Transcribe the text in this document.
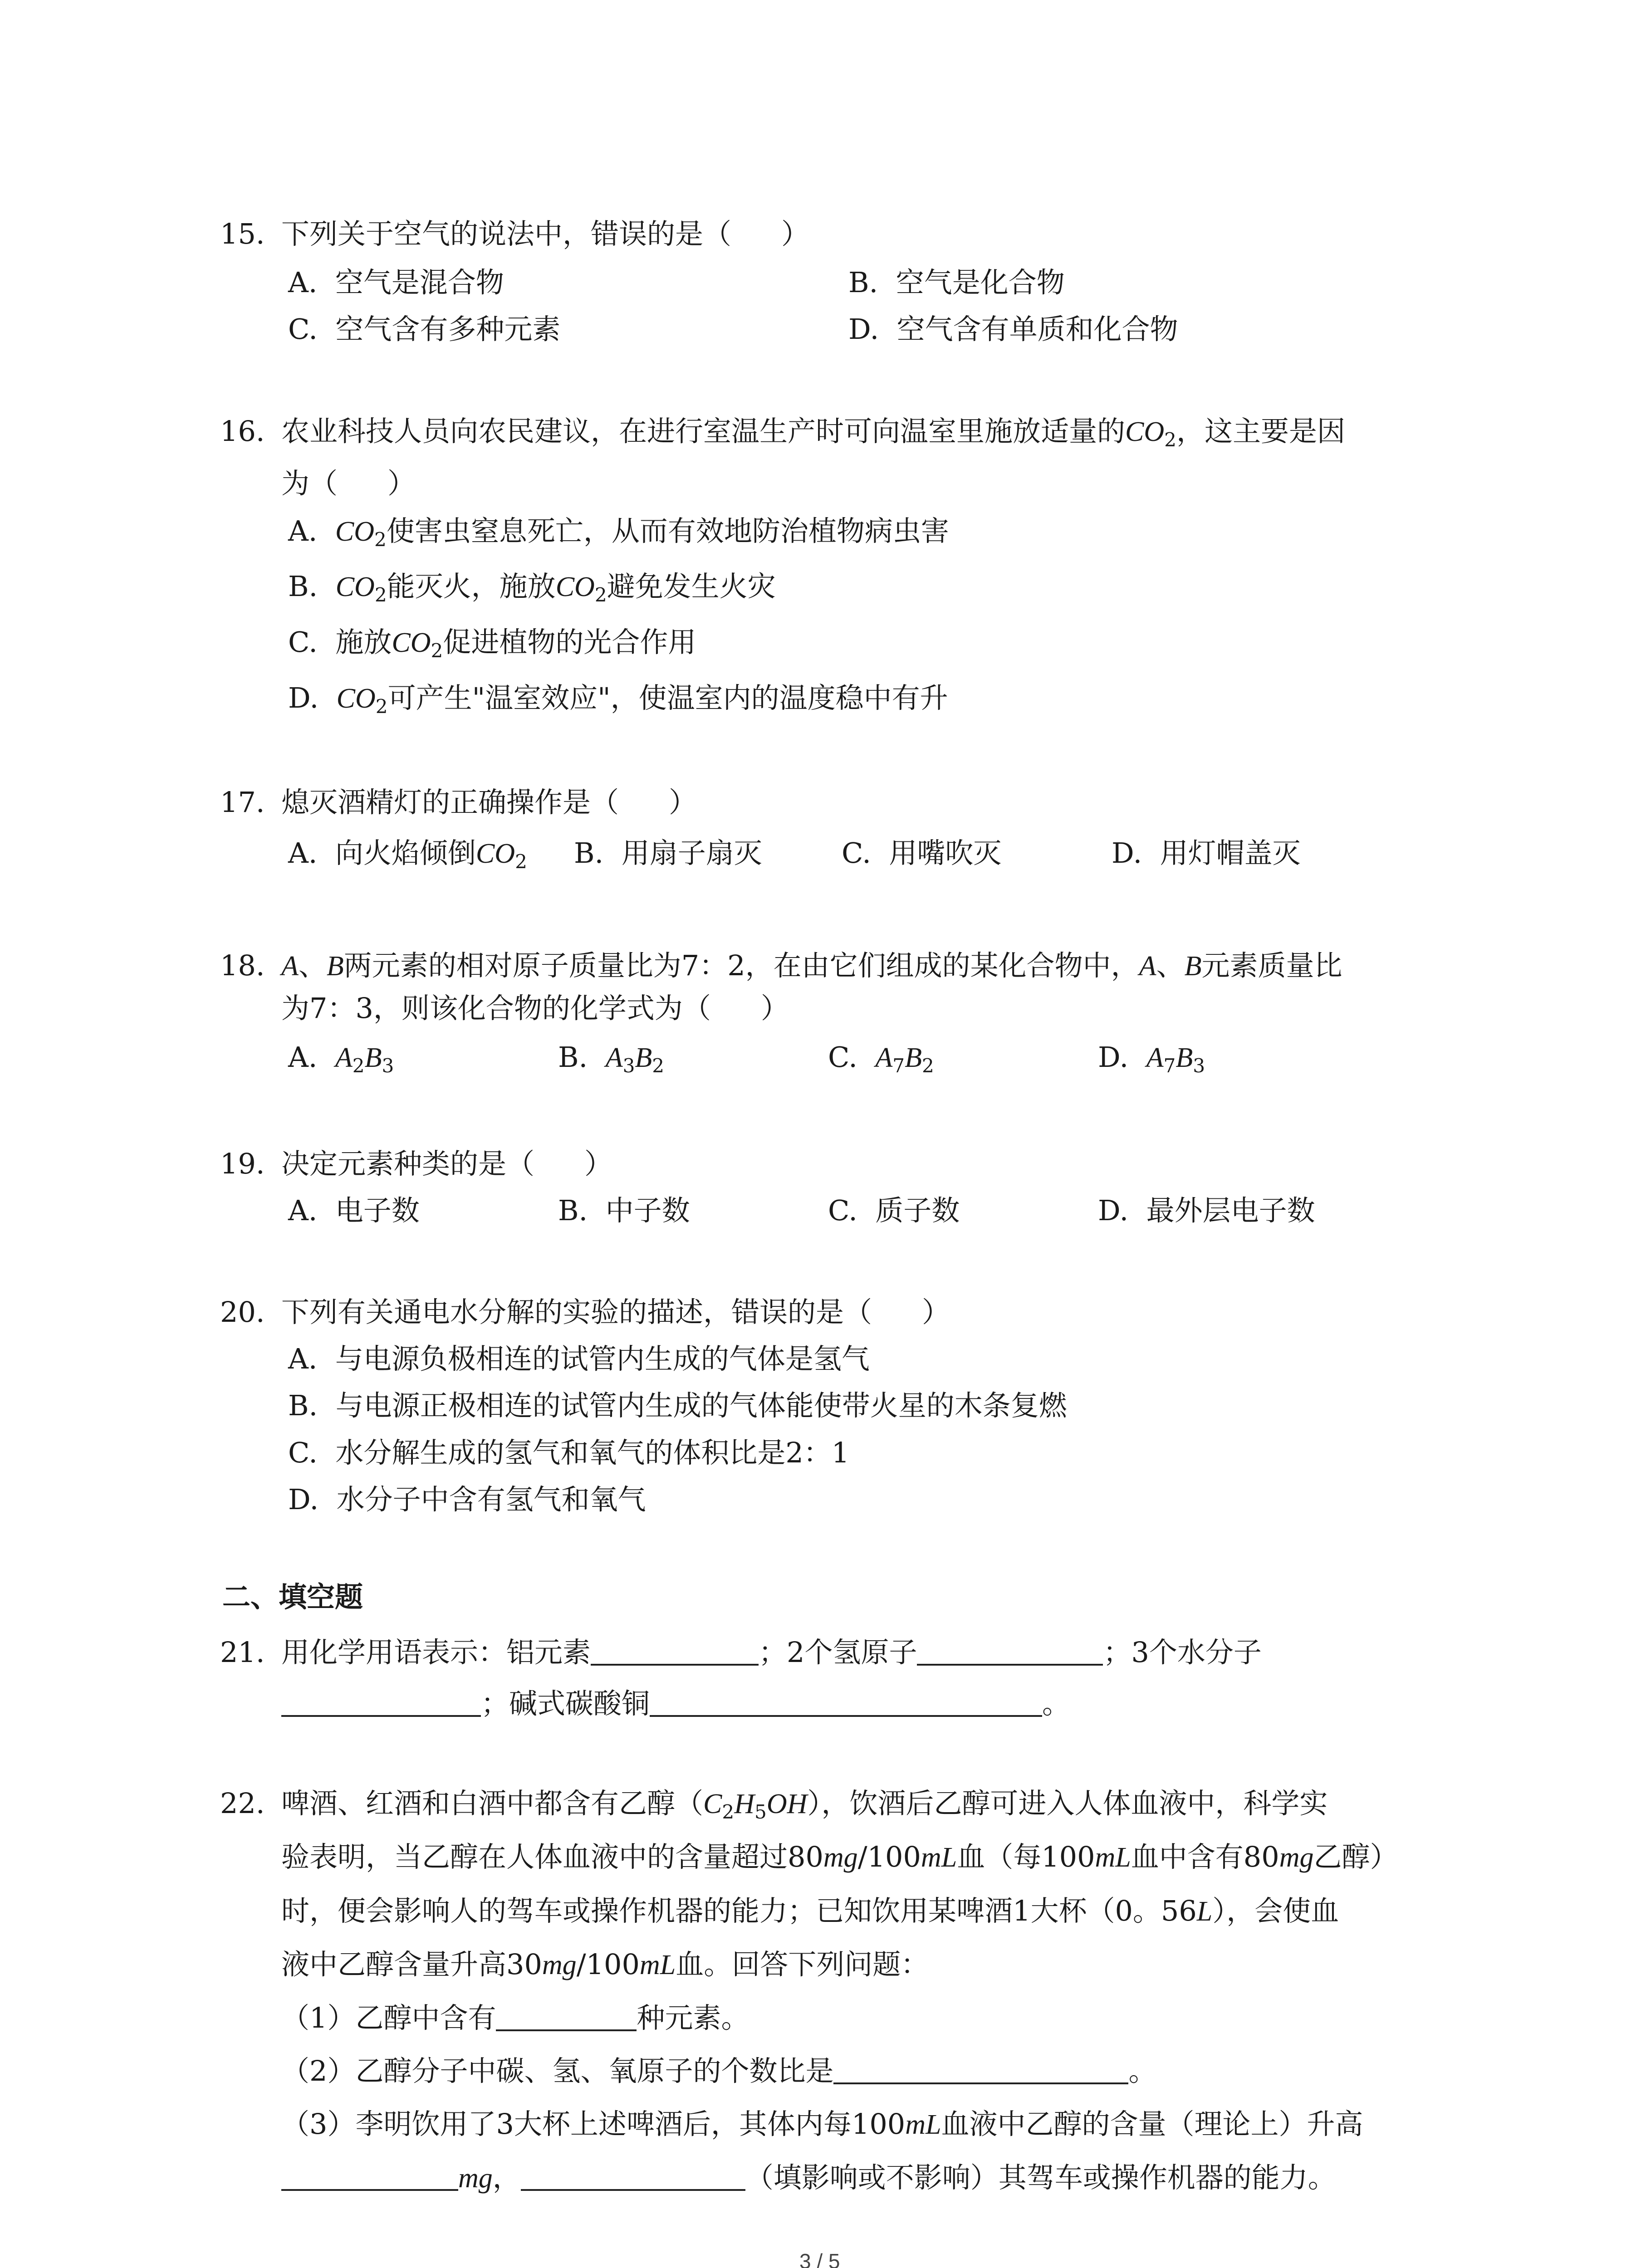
15. 下列关于空气的说法中，错误的是（ ）
A. 空气是混合物	B. 空气是化合物
C. 空气含有多种元素	D. 空气含有单质和化合物
16. 农业科技人员向农民建议，在进行室温生产时可向温室里施放适量的$CO_2$，这主要是因
为（ ）
A. $CO_2$使害虫窒息死亡，从而有效地防治植物病虫害
B. $CO_2$能灭火，施放$CO_2$避免发生火灾
C. 施放$CO_2$促进植物的光合作用
D. $CO_2$可产生"温室效应"，使温室内的温度稳中有升
17. 熄灭酒精灯的正确操作是（ ）
A. 向火焰倾倒$CO_2$ B. 用扇子扇灭	C. 用嘴吹灭	D. 用灯帽盖灭
18. A、B两元素的相对原子质量比为7：2，在由它们组成的某化合物中，A、B元素质量比
为7：3，则该化合物的化学式为（ ）
A. $A_2B_3$	B. $A_3B_2$	C. $A_7B_2$	D. $A_7B_3$
19. 决定元素种类的是（ ）
A. 电子数	B. 中子数	C. 质子数	D. 最外层电子数
20. 下列有关通电水分解的实验的描述，错误的是（ ）
A. 与电源负极相连的试管内生成的气体是氢气
B. 与电源正极相连的试管内生成的气体能使带火星的木条复燃
C. 水分解生成的氢气和氧气的体积比是2：1
D. 水分子中含有氢气和氧气
二、填空题
21. 用化学用语表示：铝元素	；2个氢原子	；3个水分子
；碱式碳酸铜	。
22. 啤酒、红酒和白酒中都含有乙醇$(C_2H_5OH)$，饮酒后乙醇可进入人体血液中，科学实
验表明，当乙醇在人体血液中的含量超过80mg/100mL血（每100mL血中含有80mg乙醇）
时，便会影响人的驾车或操作机器的能力；已知饮用某啤酒1大杯（0。56L），会使血
液中乙醇含量升高30mg/100mL血。回答下列问题：
（1）乙醇中含有	种元素。
（2）乙醇分子中碳、氢、氧原子的个数比是	。
（3）李明饮用了3大杯上述啤酒后，其体内每100mL血液中乙醇的含量（理论上）升高
mg，	（填影响或不影响）其驾车或操作机器的能力。
3 / 5
